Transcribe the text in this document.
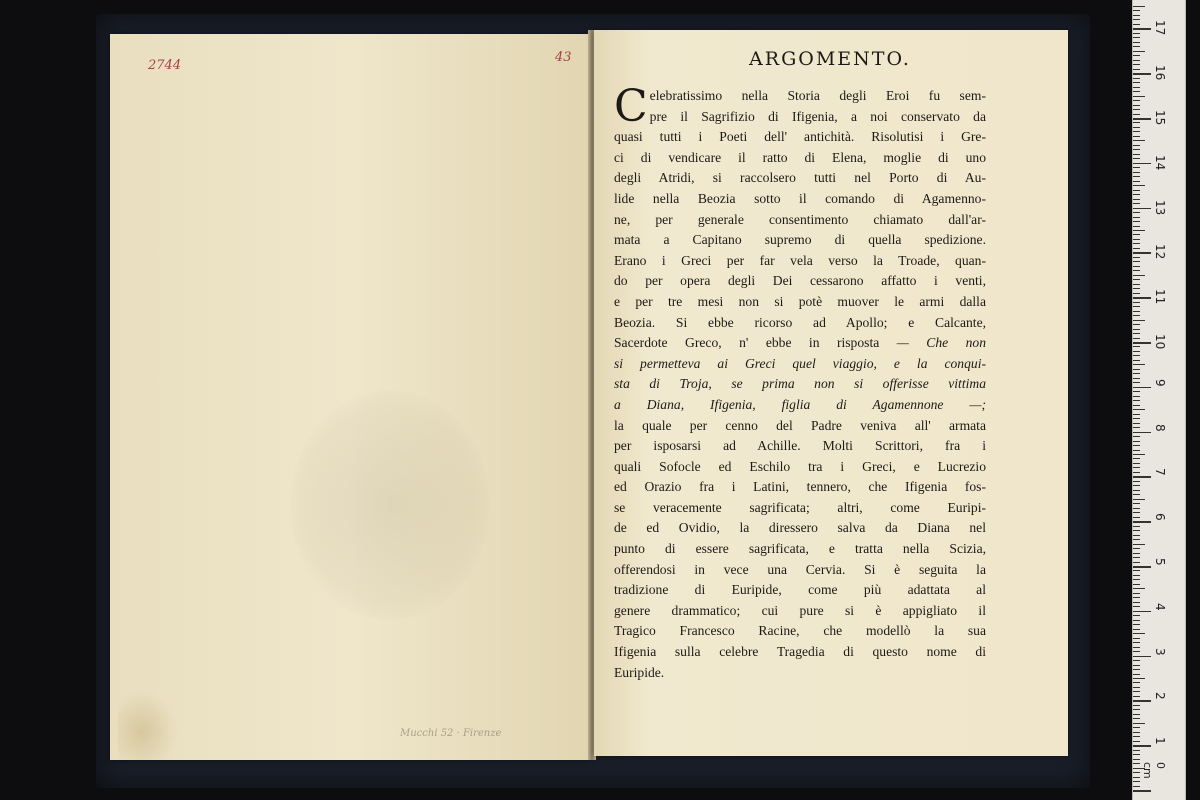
2744
43
Mucchi 52 · Firenze
ARGOMENTO.
Celebratissimo nella Storia degli Eroi fu sem-
pre il Sagrifizio di Ifigenia, a noi conservato da
quasi tutti i Poeti dell' antichità. Risolutisi i Gre-
ci di vendicare il ratto di Elena, moglie di uno
degli Atridi, si raccolsero tutti nel Porto di Au-
lide nella Beozia sotto il comando di Agamenno-
ne, per generale consentimento chiamato dall'ar-
mata a Capitano supremo di quella spedizione.
Erano i Greci per far vela verso la Troade, quan-
do per opera degli Dei cessarono affatto i venti,
e per tre mesi non si potè muover le armi dalla
Beozia. Si ebbe ricorso ad Apollo; e Calcante,
Sacerdote Greco, n' ebbe in risposta — Che non
si permetteva ai Greci quel viaggio, e la conqui-
sta di Troja, se prima non si offerisse vittima
a Diana, Ifigenia, figlia di Agamennone —;
la quale per cenno del Padre veniva all' armata
per isposarsi ad Achille. Molti Scrittori, fra i
quali Sofocle ed Eschilo tra i Greci, e Lucrezio
ed Orazio fra i Latini, tennero, che Ifigenia fos-
se veracemente sagrificata; altri, come Euripi-
de ed Ovidio, la diressero salva da Diana nel
punto di essere sagrificata, e tratta nella Scizia,
offerendosi in vece una Cervia. Si è seguita la
tradizione di Euripide, come più adattata al
genere drammatico; cui pure si è appigliato il
Tragico Francesco Racine, che modellò la sua
Ifigenia sulla celebre Tragedia di questo nome di
Euripide.
1
2
3
4
5
6
7
8
9
10
11
12
13
14
15
16
17
0 cm
